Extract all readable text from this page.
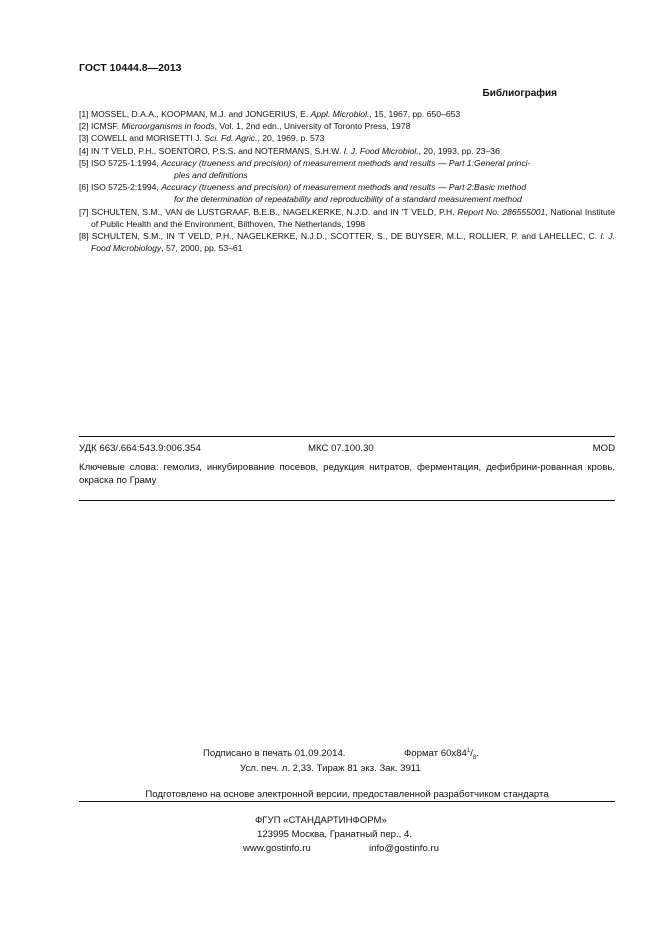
ГОСТ 10444.8—2013
Библиография
[1] MOSSEL, D.A.A., KOOPMAN, M.J. and JONGERIUS, E. Appl. Microbiol., 15, 1967, pp. 650–653
[2] ICMSF. Microorganisms in foods, Vol. 1, 2nd edn., University of Toronto Press, 1978
[3] COWELL and MORISETTI J. Sci. Fd. Agric., 20, 1969, p. 573
[4] IN 'T VELD, P.H., SOENTORO, P.S.S. and NOTERMANS, S.H.W. I. J. Food Microbiol., 20, 1993, pp. 23–36
[5] ISO 5725-1:1994, Accuracy (trueness and precision) of measurement methods and results — Part 1:General princi-
ples and definitions
[6] ISO 5725-2:1994, Accuracy (trueness and precision) of measurement methods and results — Part 2:Basic method
for the determination of repeatability and reproducibility of a standard measurement method
[7] SCHULTEN, S.M., VAN de LUSTGRAAF, B.E.B., NAGELKERKE, N.J.D. and IN 'T VELD, P.H. Report No. 286555001, National Institute of Public Health and the Environment, Bilthoven, The Netherlands, 1998
[8] SCHULTEN, S.M., IN 'T VELD, P.H., NAGELKERKE, N.J.D., SCOTTER, S., DE BUYSER, M.L., ROLLIER, P. and LAHELLEC, C. I. J. Food Microbiology, 57, 2000, pp. 53–61
УДК 663/.664:543.9:006.354	МКС 07.100.30	MOD
Ключевые слова: гемолиз, инкубирование посевов, редукция нитратов, ферментация, дефибрини-рованная кровь, окраска по Граму
Подписано в печать 01.09.2014.	Формат $60x84^1/_8$.
Усл. печ. л. 2,33. Тираж 81 экз. Зак. 3911
Подготовлено на основе электронной версии, предоставленной разработчиком стандарта
ФГУП «СТАНДАРТИНФОРМ»
123995 Москва, Гранатный пер., 4.
www.gostinfo.ru	info@gostinfo.ru
